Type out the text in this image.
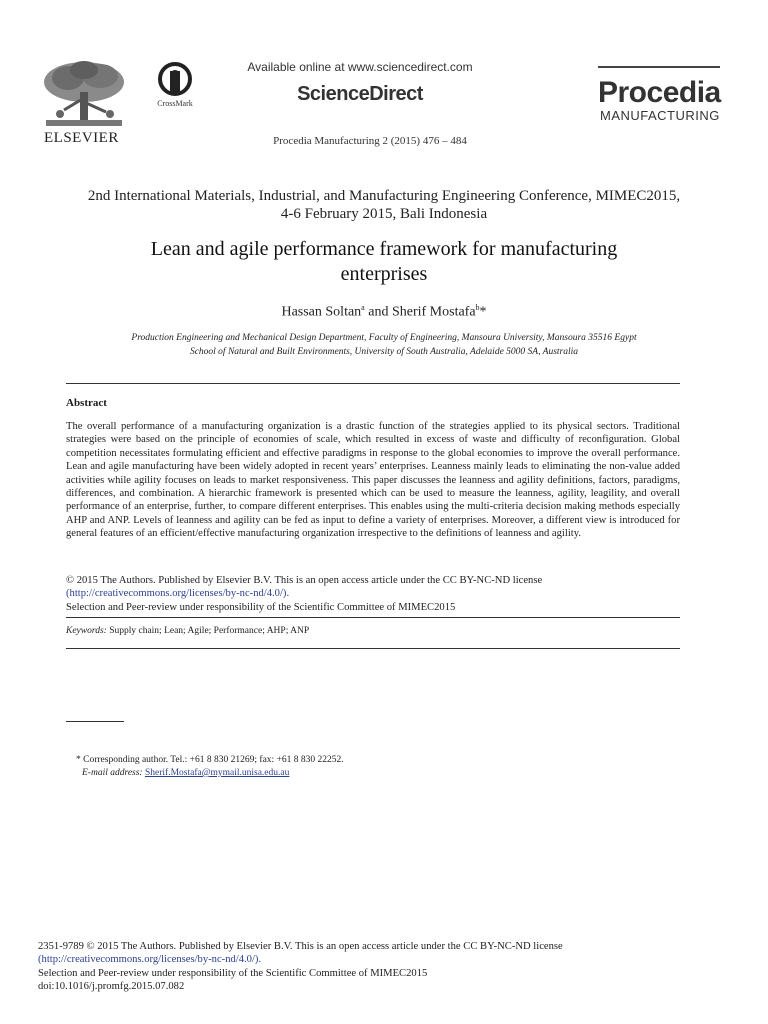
ELSEVIER
CrossMark
Available online at www.sciencedirect.com
ScienceDirect
Procedia Manufacturing 2 (2015) 476 – 484
Procedia
MANUFACTURING
2nd International Materials, Industrial, and Manufacturing Engineering Conference, MIMEC2015,
4-6 February 2015, Bali Indonesia
Lean and agile performance framework for manufacturing
enterprises
Hassan Soltan$^a$ and Sherif Mostafa$^b$*
Production Engineering and Mechanical Design Department, Faculty of Engineering, Mansoura University, Mansoura 35516 Egypt
School of Natural and Built Environments, University of South Australia, Adelaide 5000 SA, Australia
Abstract
The overall performance of a manufacturing organization is a drastic function of the strategies applied to its physical sectors. Traditional strategies were based on the principle of economies of scale, which resulted in excess of waste and difficulty of reconfiguration. Global competition necessitates formulating efficient and effective paradigms in response to the global economies to improve the overall performance. Lean and agile manufacturing have been widely adopted in recent years’ enterprises. Leanness mainly leads to eliminating the non-value added activities while agility focuses on leads to market responsiveness. This paper discusses the leanness and agility definitions, factors, paradigms, differences, and combination. A hierarchic framework is presented which can be used to measure the leanness, agility, leagility, and overall performance of an enterprise, further, to compare different enterprises. This enables using the multi-criteria decision making methods especially AHP and ANP. Levels of leanness and agility can be fed as input to define a variety of enterprises. Moreover, a different view is introduced for general features of an efficient/effective manufacturing organization irrespective to the definitions of leanness and agility.
© 2015 The Authors. Published by Elsevier B.V. This is an open access article under the CC BY-NC-ND license
(http://creativecommons.org/licenses/by-nc-nd/4.0/).
Selection and Peer-review under responsibility of the Scientific Committee of MIMEC2015
Keywords: Supply chain; Lean; Agile; Performance; AHP; ANP
* Corresponding author. Tel.: +61 8 830 21269; fax: +61 8 830 22252.
E-mail address: Sherif.Mostafa@mymail.unisa.edu.au
2351-9789 © 2015 The Authors. Published by Elsevier B.V. This is an open access article under the CC BY-NC-ND license
(http://creativecommons.org/licenses/by-nc-nd/4.0/).
Selection and Peer-review under responsibility of the Scientific Committee of MIMEC2015
doi:10.1016/j.promfg.2015.07.082
